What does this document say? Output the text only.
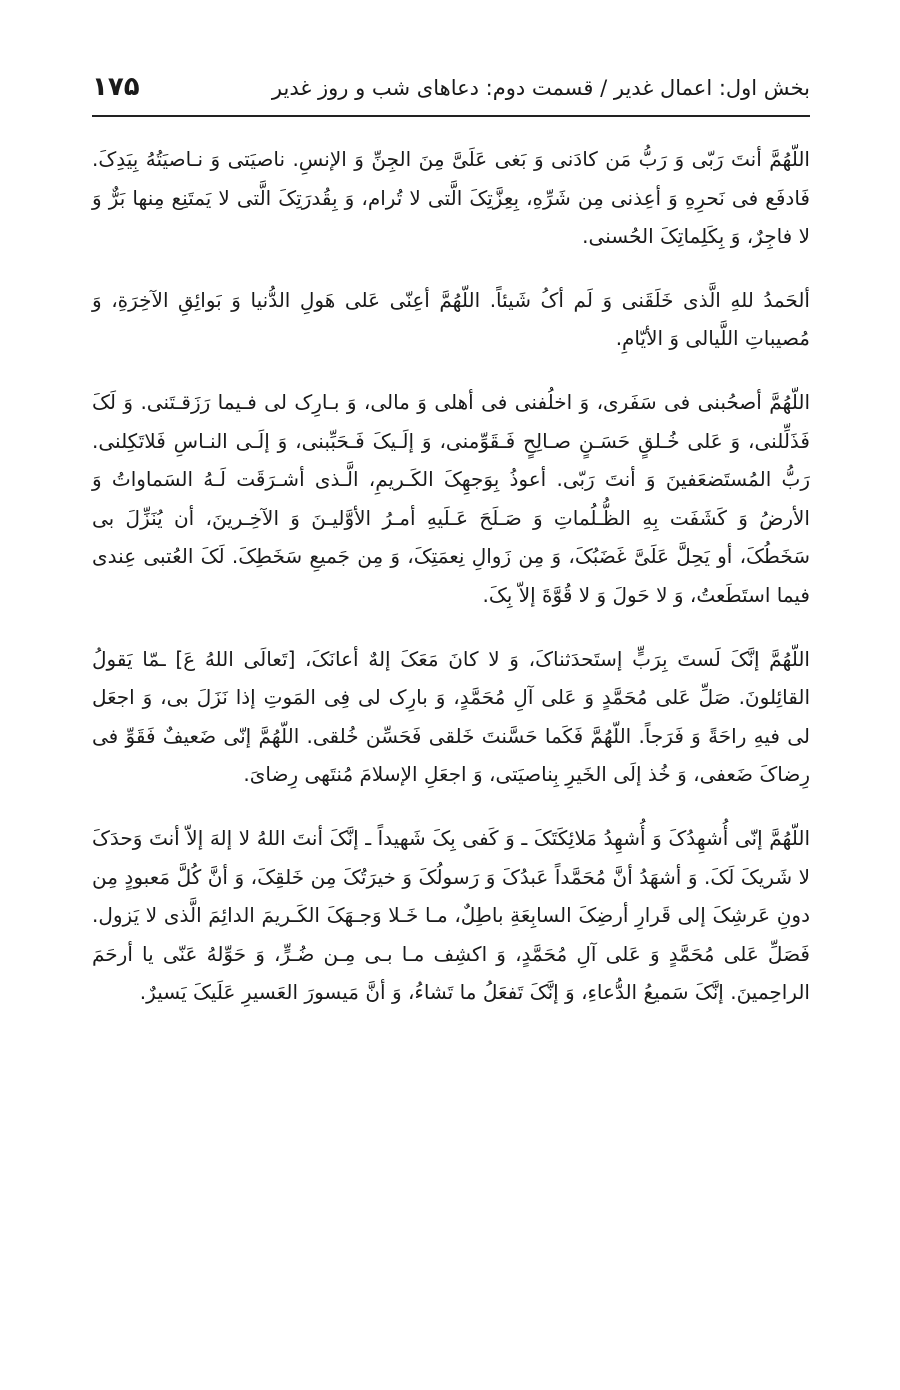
بخش اول: اعمال غدیر / قسمت دوم: دعاهای شب و روز غدیر
۱۷۵

اللّهُمَّ أنتَ رَبّی وَ رَبُّ مَن كادَنی وَ بَغی عَلَیَّ مِنَ الجِنِّ وَ الإنسِ. ناصیَتی وَ نـاصیَتُهُ بِیَدِکَ. فَادفَع فی نَحرِهِ وَ أعِذنی مِن شَرِّهِ، بِعِزَّتِکَ الَّتی لا تُرام، وَ بِقُدرَتِکَ الَّتی لا یَمتَنِع مِنها بَرٌّ وَ لا فاجِرٌ، وَ بِكَلِماتِکَ الحُسنی.

ألحَمدُ للهِ الَّذی خَلَقَنی وَ لَم أکُ شَیئاً. اللّهُمَّ أعِنّی عَلی هَولِ الدُّنیا وَ بَوائِقِ الآخِرَةِ، وَ مُصیباتِ اللَّیالی وَ الأیّامِ.

اللّهُمَّ أصحُبنی فی سَفَری، وَ اخلُفنی فی أهلی وَ مالی، وَ بـارِک لی فـیما رَزَقـتَنی. وَ لَکَ فَذَلِّلنی، وَ عَلی خُـلقٍ حَسَـنٍ صـالِحٍ فَـقَوِّمنی، وَ إلَـیکَ فَـحَبِّبنی، وَ إلَـی النـاسِ فَلاتَكِلنی. رَبُّ المُستَضعَفینَ وَ أنتَ رَبّی. أعوذُ بِوَجهِکَ الکَـریمِ، الَّـذی أشـرَقَت لَـهُ السَماواتُ وَ الأرضُ وَ كَشَفَت بِهِ الظُّـلُماتِ وَ صَـلَحَ عَـلَیهِ أمـرُ الأوَّلیـنَ وَ الآخِـرینَ، أن یُنَزِّلَ بی سَخَطُکَ، أو یَحِلَّ عَلَیَّ غَضَبُکَ، وَ مِن زَوالِ نِعمَتِکَ، وَ مِن جَمیعِ سَخَطِکَ. لَکَ العُتبی عِندی فیما استَطَعتُ، وَ لا حَولَ وَ لا قُوَّةَ إلاّ بِکَ.

اللّهُمَّ إنَّکَ لَستَ بِرَبٍّ إستَحدَثناکَ، وَ لا كانَ مَعَکَ إلهٌ أعانَکَ، [تَعالَی اللهُ عَ] ـمّا یَقولُ القائِلونَ. صَلِّ عَلی مُحَمَّدٍ وَ عَلی آلِ مُحَمَّدٍ، وَ بارِک لی فِی المَوتِ إذا نَزَلَ بی، وَ اجعَل لی فیهِ راحَةً وَ فَرَجاً. اللّهُمَّ فَكَما حَسَّنتَ خَلقی فَحَسِّن خُلقی. اللّهُمَّ إنّی ضَعیفٌ فَقَوِّ فی رِضاکَ ضَعفی، وَ خُذ إلَی الخَیرِ بِناصیَتی، وَ اجعَلِ الإسلامَ مُنتَهی رِضایَ.

اللّهُمَّ إنّی أُشهِدُکَ وَ أُشهِدُ مَلائِکَتَکَ ـ وَ كَفی بِکَ شَهیداً ـ إنَّکَ أنتَ اللهُ لا إلهَ إلاّ أنتَ وَحدَکَ لا شَریکَ لَکَ. وَ أشهَدُ أنَّ مُحَمَّداً عَبدُکَ وَ رَسولُکَ وَ خیرَتُکَ مِن خَلقِکَ، وَ أنَّ كُلَّ مَعبودٍ مِن دونِ عَرشِکَ إلی قَرارِ أرضِکَ السابِعَةِ باطِلٌ، مـا خَـلا وَجـهَکَ الکَـریمَ الدائِمَ الَّذی لا یَزول. فَصَلِّ عَلی مُحَمَّدٍ وَ عَلی آلِ مُحَمَّدٍ، وَ اكشِف مـا بـی مِـن ضُـرٍّ، وَ حَوِّلهُ عَنّی یا أرحَمَ الراحِمینَ. إنَّکَ سَمیعُ الدُّعاءِ، وَ إنَّکَ تَفعَلُ ما تَشاءُ، وَ أنَّ مَیسورَ العَسیرِ عَلَیکَ یَسیرٌ.
